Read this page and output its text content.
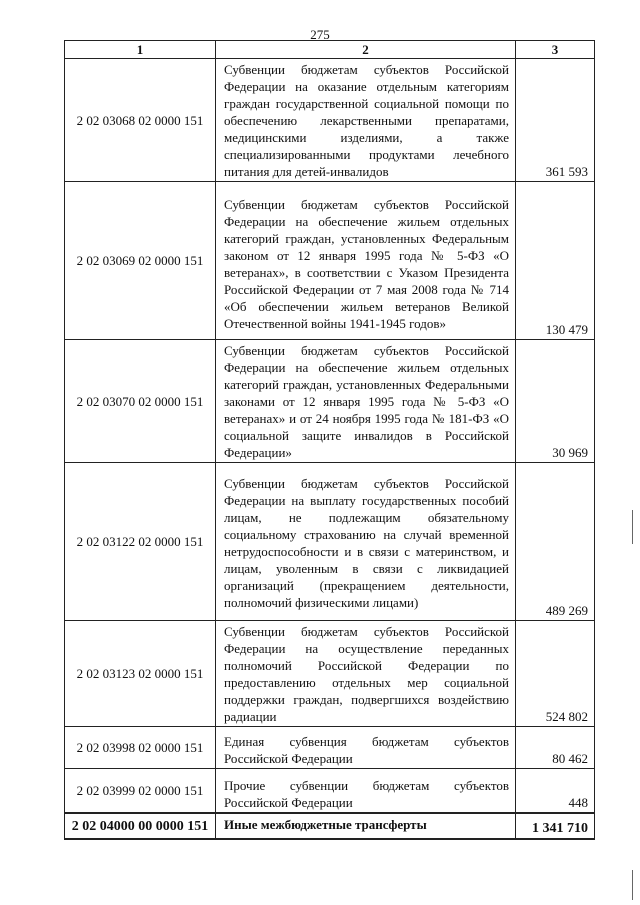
275
1	2	3
2 02 03068 02 0000 151	Субвенции бюджетам субъектов Российской Федерации на оказание отдельным категориям граждан государственной социальной помощи по обеспечению лекарственными препаратами, медицинскими изделиями, а также специализированными продуктами лечебного питания для детей-инвалидов	361 593
2 02 03069 02 0000 151	Субвенции бюджетам субъектов Российской Федерации на обеспечение жильем отдельных категорий граждан, установленных Федеральным законом от 12 января 1995 года № 5-ФЗ «О ветеранах», в соответствии с Указом Президента Российской Федерации от 7 мая 2008 года № 714 «Об обеспечении жильем ветеранов Великой Отечественной войны 1941-1945 годов»	130 479
2 02 03070 02 0000 151	Субвенции бюджетам субъектов Российской Федерации на обеспечение жильем отдельных категорий граждан, установленных Федеральными законами от 12 января 1995 года № 5-ФЗ «О ветеранах» и от 24 ноября 1995 года № 181-ФЗ «О социальной защите инвалидов в Российской Федерации»	30 969
2 02 03122 02 0000 151	Субвенции бюджетам субъектов Российской Федерации на выплату государственных пособий лицам, не подлежащим обязательному социальному страхованию на случай временной нетрудоспособности и в связи с материнством, и лицам, уволенным в связи с ликвидацией организаций (прекращением деятельности, полномочий физическими лицами)	489 269
2 02 03123 02 0000 151	Субвенции бюджетам субъектов Российской Федерации на осуществление переданных полномочий Российской Федерации по предоставлению отдельных мер социальной поддержки граждан, подвергшихся воздействию радиации	524 802
2 02 03998 02 0000 151	Единая субвенция бюджетам субъектов Российской Федерации	80 462
2 02 03999 02 0000 151	Прочие субвенции бюджетам субъектов Российской Федерации	448
2 02 04000 00 0000 151	Иные межбюджетные трансферты	1 341 710
